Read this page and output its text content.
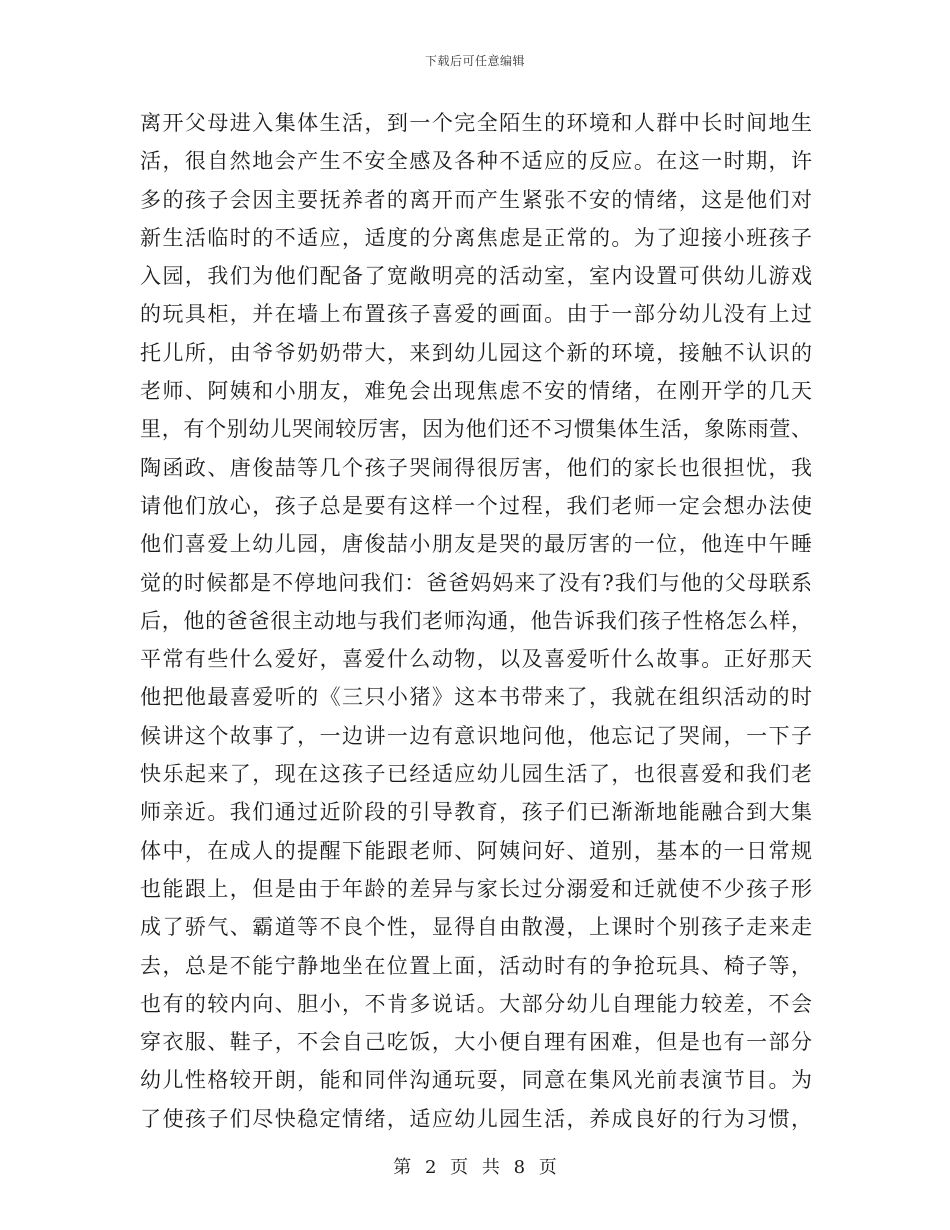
下载后可任意编辑
离开父母进入集体生活，到一个完全陌生的环境和人群中长时间地生
活，很自然地会产生不安全感及各种不适应的反应。在这一时期，许
多的孩子会因主要抚养者的离开而产生紧张不安的情绪，这是他们对
新生活临时的不适应，适度的分离焦虑是正常的。为了迎接小班孩子
入园，我们为他们配备了宽敞明亮的活动室，室内设置可供幼儿游戏
的玩具柜，并在墙上布置孩子喜爱的画面。由于一部分幼儿没有上过
托儿所，由爷爷奶奶带大，来到幼儿园这个新的环境，接触不认识的
老师、阿姨和小朋友，难免会出现焦虑不安的情绪，在刚开学的几天
里，有个别幼儿哭闹较厉害，因为他们还不习惯集体生活，象陈雨萱、
陶函政、唐俊喆等几个孩子哭闹得很厉害，他们的家长也很担忧，我
请他们放心，孩子总是要有这样一个过程，我们老师一定会想办法使
他们喜爱上幼儿园，唐俊喆小朋友是哭的最厉害的一位，他连中午睡
觉的时候都是不停地问我们：爸爸妈妈来了没有?我们与他的父母联系
后，他的爸爸很主动地与我们老师沟通，他告诉我们孩子性格怎么样，
平常有些什么爱好，喜爱什么动物，以及喜爱听什么故事。正好那天
他把他最喜爱听的《三只小猪》这本书带来了，我就在组织活动的时
候讲这个故事了，一边讲一边有意识地问他，他忘记了哭闹，一下子
快乐起来了，现在这孩子已经适应幼儿园生活了，也很喜爱和我们老
师亲近。我们通过近阶段的引导教育，孩子们已渐渐地能融合到大集
体中，在成人的提醒下能跟老师、阿姨问好、道别，基本的一日常规
也能跟上，但是由于年龄的差异与家长过分溺爱和迁就使不少孩子形
成了骄气、霸道等不良个性，显得自由散漫，上课时个别孩子走来走
去，总是不能宁静地坐在位置上面，活动时有的争抢玩具、椅子等，
也有的较内向、胆小，不肯多说话。大部分幼儿自理能力较差，不会
穿衣服、鞋子，不会自己吃饭，大小便自理有困难，但是也有一部分
幼儿性格较开朗，能和同伴沟通玩耍，同意在集风光前表演节目。为
了使孩子们尽快稳定情绪，适应幼儿园生活，养成良好的行为习惯，
第 2 页 共 8 页
